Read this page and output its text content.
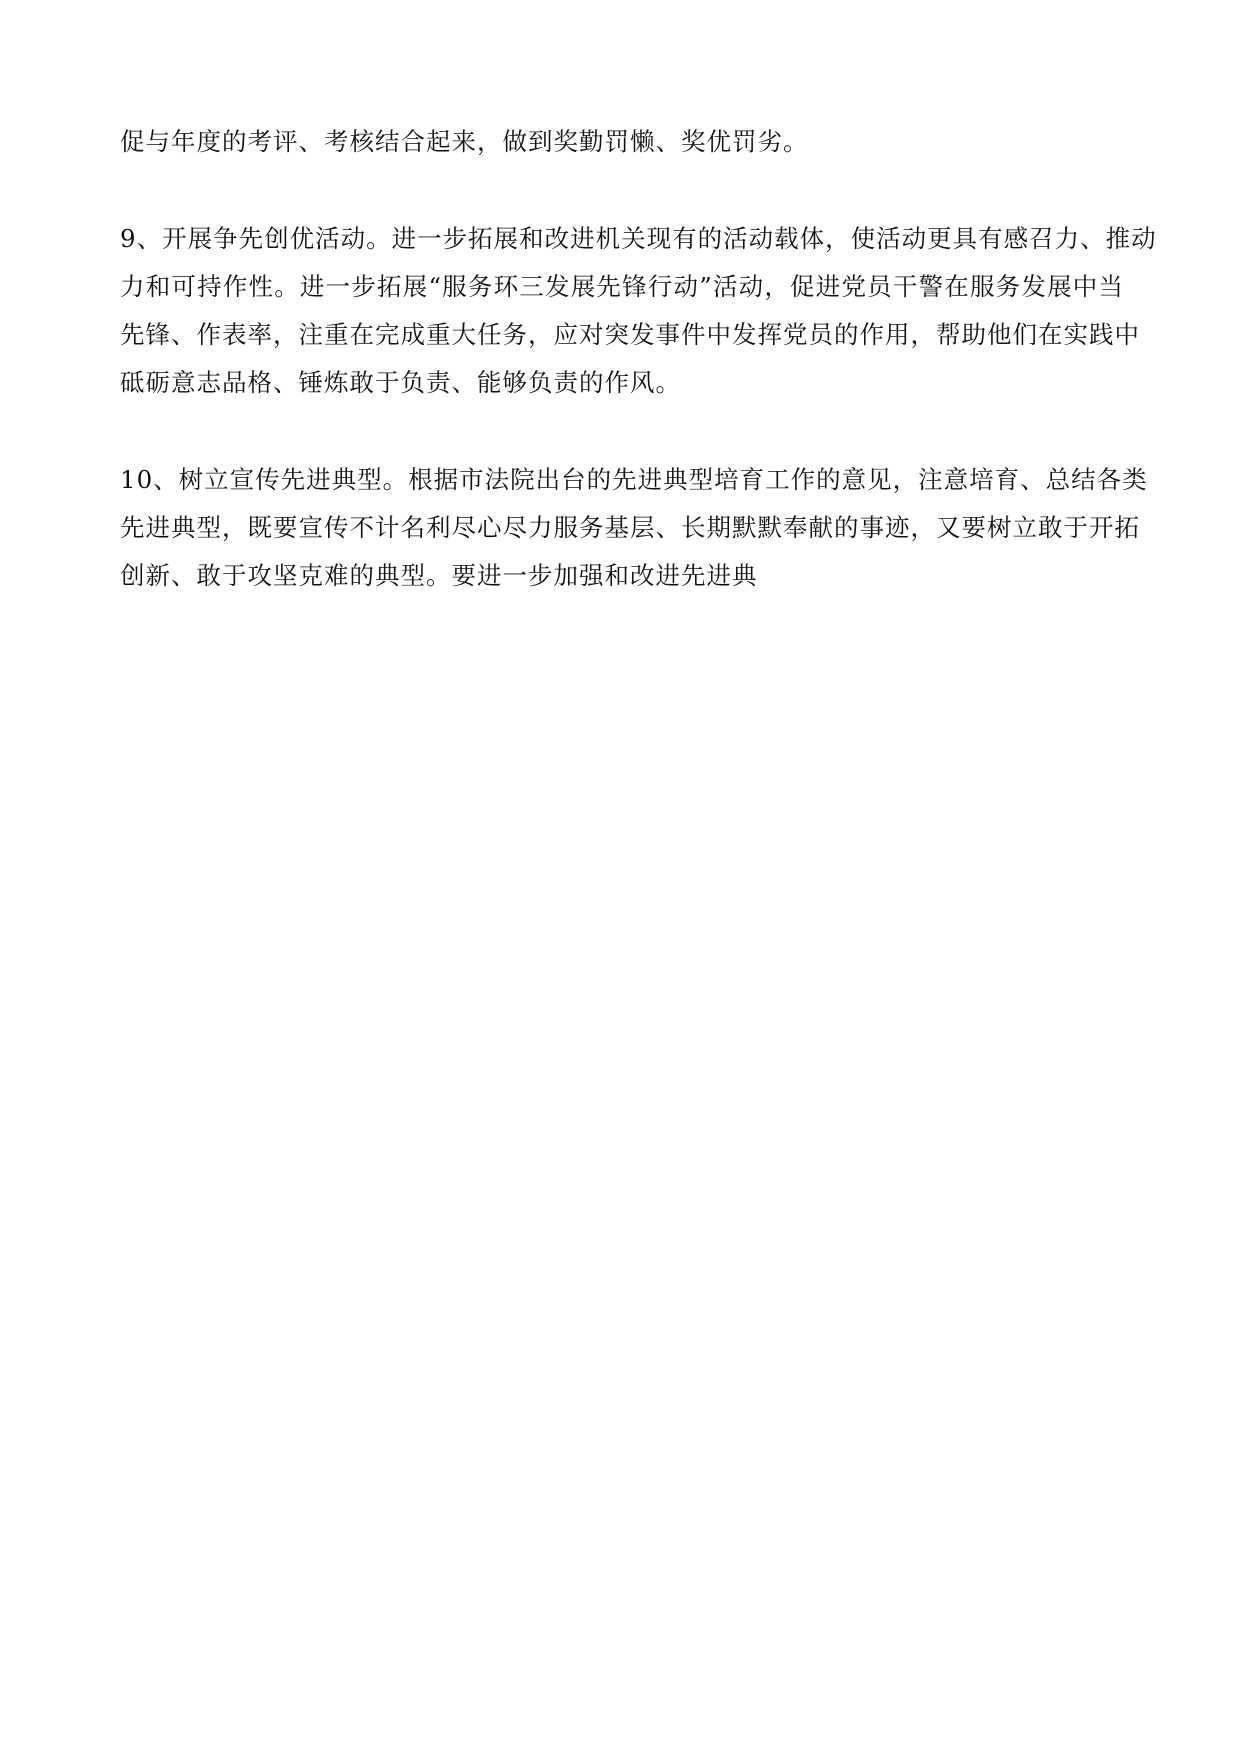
促与年度的考评、考核结合起来，做到奖勤罚懒、奖优罚劣。

9、开展争先创优活动。进一步拓展和改进机关现有的活动载体，使活动更具有感召力、推动
力和可持作性。进一步拓展“服务环三发展先锋行动”活动，促进党员干警在服务发展中当
先锋、作表率，注重在完成重大任务，应对突发事件中发挥党员的作用，帮助他们在实践中
砥砺意志品格、锤炼敢于负责、能够负责的作风。

10、树立宣传先进典型。根据市法院出台的先进典型培育工作的意见，注意培育、总结各类
先进典型，既要宣传不计名利尽心尽力服务基层、长期默默奉献的事迹，又要树立敢于开拓
创新、敢于攻坚克难的典型。要进一步加强和改进先进典
